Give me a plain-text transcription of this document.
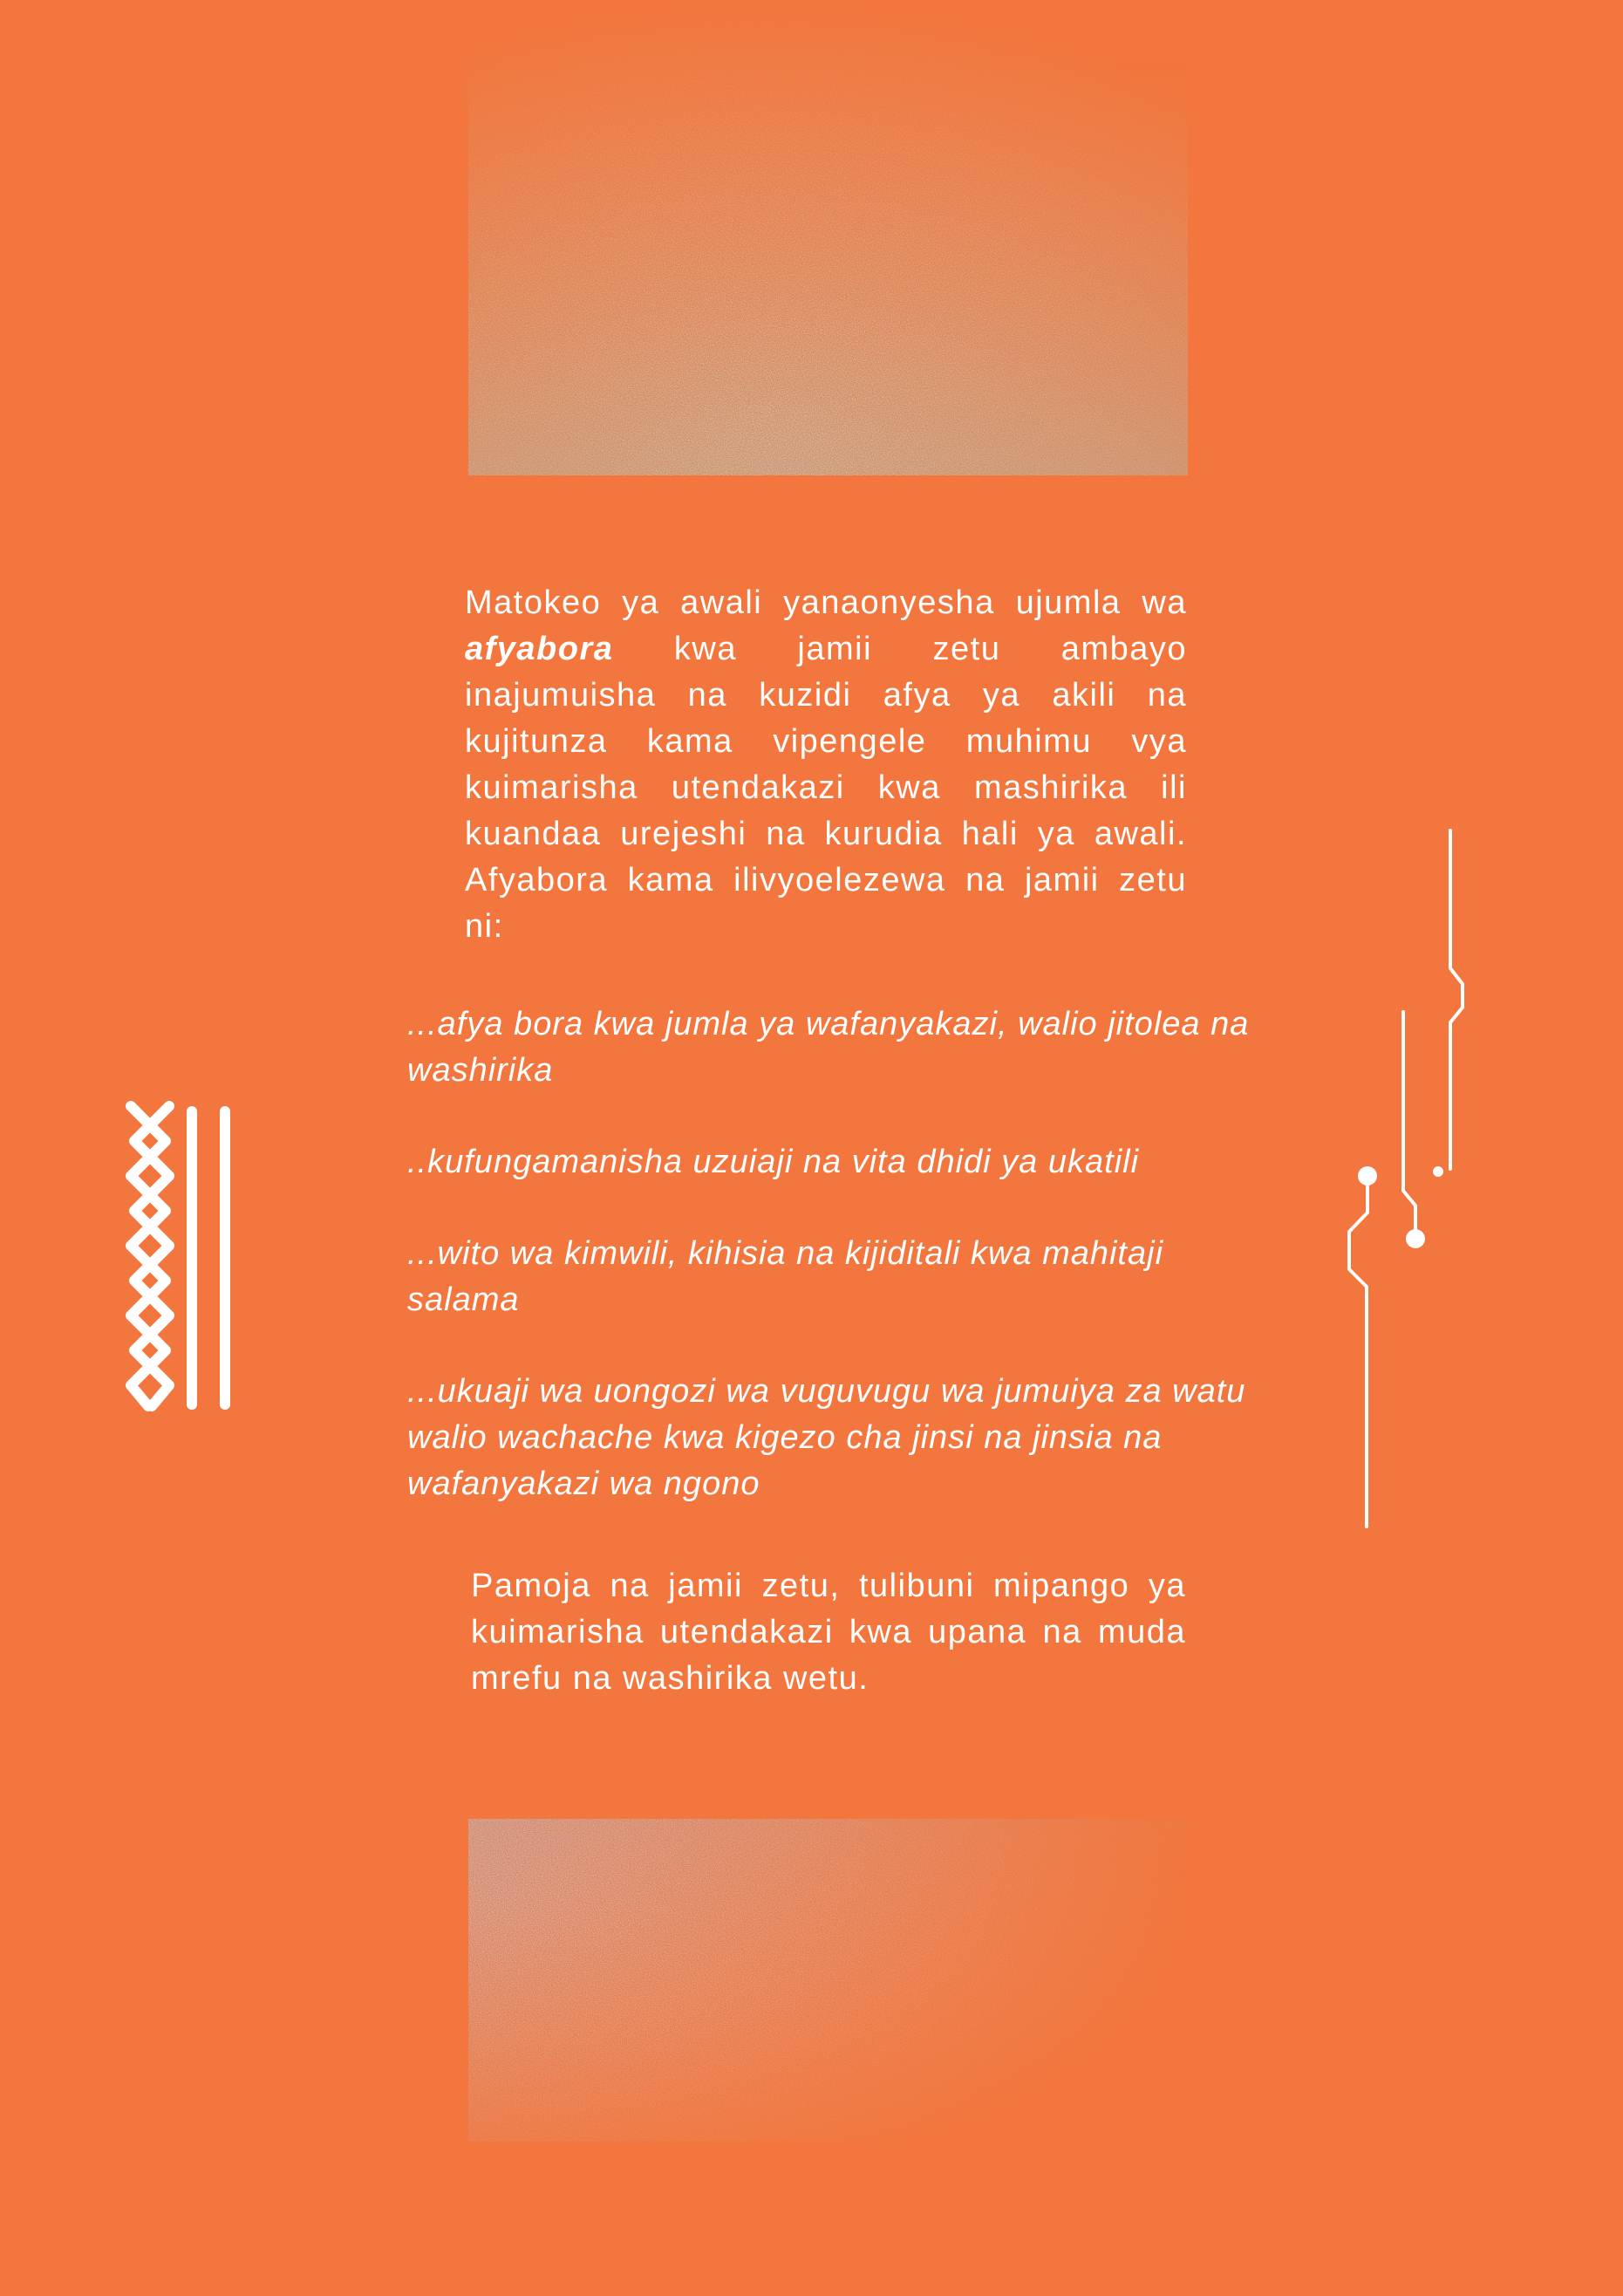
Matokeo ya awali yanaonyesha ujumla wa afyabora kwa jamii zetu ambayo inajumuisha na kuzidi afya ya akili na kujitunza kama vipengele muhimu vya kuimarisha utendakazi kwa mashirika ili kuandaa urejeshi na kurudia hali ya awali. Afyabora kama ilivyoelezewa na jamii zetu ni:

...afya bora kwa jumla ya wafanyakazi, walio jitolea na washirika
..kufungamanisha uzuiaji na vita dhidi ya ukatili
...wito wa kimwili, kihisia na kijiditali kwa mahitaji salama
...ukuaji wa uongozi wa vuguvugu wa jumuiya za watu walio wachache kwa kigezo cha jinsi na jinsia na wafanyakazi wa ngono

Pamoja na jamii zetu, tulibuni mipango ya kuimarisha utendakazi kwa upana na muda mrefu na washirika wetu.
